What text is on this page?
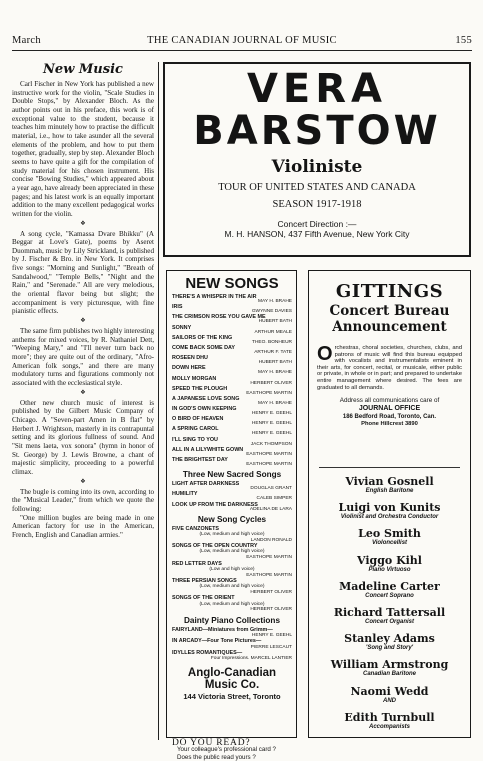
March	THE CANADIAN JOURNAL OF MUSIC	155
New Music

Carl Fischer in New York has published a new instructive work for the violin, "Scale Studies in Double Stops," by Alexander Bloch. As the author points out in his preface, this work is of exceptional value to the student, because it teaches him minutely how to practise the difficult material, i.e., how to take asunder all the several elements of the problem, and how to put them together, gradually, step by step. Alexander Bloch seems to have quite a gift for the compilation of study material for his chosen instrument. His concise "Bowing Studies," which appeared about a year ago, have already been appreciated in these pages; and his latest work is an equally important addition to the many excellent pedagogical works written for the violin.

❖

A song cycle, "Kamassa Dvare Bhikku" (A Beggar at Love's Gate), poems by Aseret Duommah, music by Lily Strickland, is published by J. Fischer & Bro. in New York. It comprises five songs: "Morning and Sunlight," "Breath of Sandalwood," "Temple Bells," "Night and the Rain," and "Serenade." All are very melodious, the oriental flavor being but slight; the accompaniment is very picturesque, with fine pianistic effects.

❖

The same firm publishes two highly interesting anthems for mixed voices, by R. Nathaniel Dett, "Weeping Mary," and "I'll never turn back no more"; they are quite out of the ordinary, "Afro-American folk songs," and there are many modulatory turns and figurations commonly not associated with the ecclesiastical style.

❖

Other new church music of interest is published by the Gilbert Music Company of Chicago. A "Seven-part Amen in B flat" by Herbert J. Wrightson, masterly in its contrapuntal setting and its glorious fullness of sound. And "Sit mens laeta, vox sonora" (hymn in honor of St. George) by J. Lewis Browne, a chant of majestic simplicity, proceeding to a powerful climax.

❖

The bugle is coming into its own, according to the "Musical Leader," from which we quote the following:

"One million bugles are being made in one American factory for use in the American, French, English and Canadian armies."

VERA
BARSTOW
Violiniste
TOUR OF UNITED STATES AND CANADA
SEASON 1917-1918
Concert Direction :—
M. H. HANSON, 437 Fifth Avenue, New York City
NEW SONGS
THERE'S A WHISPER IN THE AIR
MAY H. BRAHE
IRIS
GWYNNE DAVIES
THE CRIMSON ROSE YOU GAVE ME
HUBERT BATH
SONNY
ARTHUR MEALE
SAILORS OF THE KING
THEO. BONHEUR
COME BACK SOME DAY
ARTHUR F. TATE
ROSEEN DHU
HUBERT BATH
DOWN HERE
MAY H. BRAHE
MOLLY MORGAN
HERBERT OLIVER
SPEED THE PLOUGH
EASTHOPE MARTIN
A JAPANESE LOVE SONG
MAY H. BRAHE
IN GOD'S OWN KEEPING
HENRY E. GEEHL
O BIRD OF HEAVEN
HENRY E. GEEHL
A SPRING CAROL
HENRY E. GEEHL
I'LL SING TO YOU
JACK THOMPSON
ALL IN A LILYWHITE GOWN
EASTHOPE MARTIN
THE BRIGHTEST DAY
EASTHOPE MARTIN
Three New Sacred Songs
LIGHT AFTER DARKNESS
DOUGLAS GRANT
HUMILITY
CALEB SIMPER
LOOK UP FROM THE DARKNESS
ADELINA DE LARA
New Song Cycles
FIVE CANZONETS
(Low, medium and high voice)
LANDON RONALD
SONGS OF THE OPEN COUNTRY
(Low, medium and high voice)
EASTHOPE MARTIN
RED LETTER DAYS
(Low and high voice)
EASTHOPE MARTIN
THREE PERSIAN SONGS
(Low, medium and high voice)
HERBERT OLIVER
SONGS OF THE ORIENT
(Low, medium and high voice)
HERBERT OLIVER
Dainty Piano Collections
FAIRYLAND—Miniatures from Grimm—
HENRY E. GEEHL
IN ARCADY—Four Tone Pictures—
PIERRE LESCAUT
IDYLLES ROMANTIQUES—
Four Impressions. MARCEL LANTIER
Anglo-Canadian Music Co.
144 Victoria Street, Toronto
DO YOU READ?
Your colleague's professional card ?
Does the public read yours ?
GITTINGS
Concert Bureau
Announcement
Orchestras, choral societies, churches, clubs, and patrons of music will find this bureau equipped with vocalists and instrumentalists eminent in their arts, for concert, recital, or musicale, either public or private, in whole or in part; and prepared to undertake entire management where desired. The fees are graduated to all demands.
Address all communications care of
JOURNAL OFFICE
186 Bedford Road, Toronto, Can.
Phone Hillcrest 3890
Vivian Gosnell
English Baritone
Luigi von Kunits
Violinist and Orchestra Conductor
Leo Smith
Violoncellist
Viggo Kihl
Piano Virtuoso
Madeline Carter
Concert Soprano
Richard Tattersall
Concert Organist
Stanley Adams
'Song and Story'
William Armstrong
Canadian Baritone
Naomi Wedd
AND
Edith Turnbull
Accompanists
